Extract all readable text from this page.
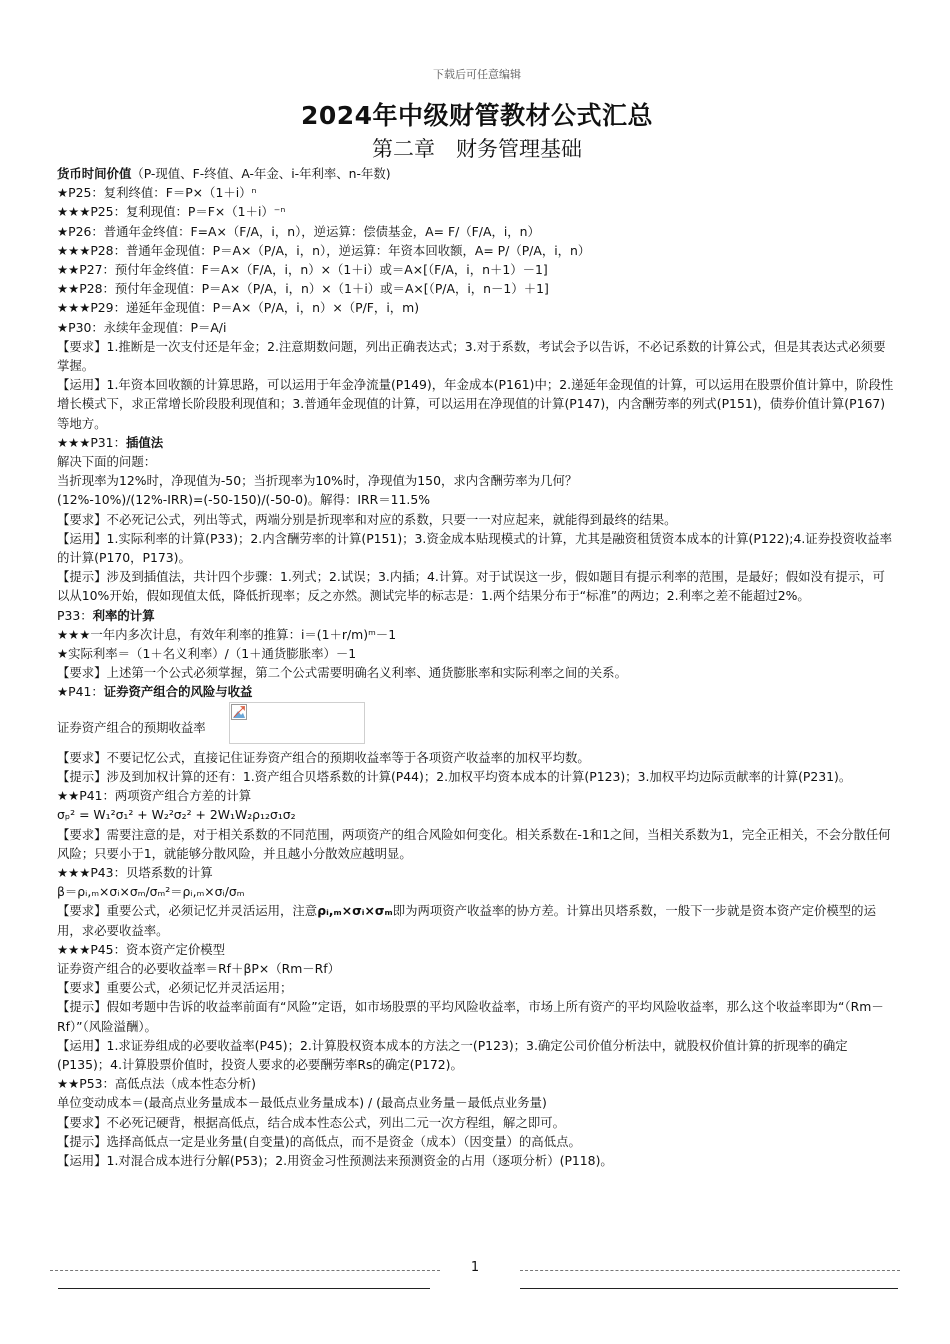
下载后可任意编辑
2024年中级财管教材公式汇总
第二章　财务管理基础
货币时间价值（P-现值、F-终值、A-年金、i-年利率、n-年数)
★P25：复利终值：F＝P×（1＋i）ⁿ
★★★P25：复利现值：P＝F×（1＋i）⁻ⁿ
★P26：普通年金终值：F=A×（F/A，i，n），逆运算：偿债基金，A= F/（F/A，i，n）
★★★P28：普通年金现值：P＝A×（P/A，i，n），逆运算：年资本回收额，A= P/（P/A，i，n）
★★P27：预付年金终值：F＝A×（F/A，i，n）×（1＋i）或＝A×[（F/A，i，n＋1）－1]
★★P28：预付年金现值：P＝A×（P/A，i，n）×（1＋i）或＝A×[（P/A，i，n－1）＋1]
★★★P29：递延年金现值：P＝A×（P/A，i，n）×（P/F，i，m)
★P30：永续年金现值：P＝A/i
【要求】1.推断是一次支付还是年金；2.注意期数问题，列出正确表达式；3.对于系数，考试会予以告诉，不必记系数的计算公式，但是其表达式必须要掌握。
【运用】1.年资本回收额的计算思路，可以运用于年金净流量(P149)，年金成本(P161)中；2.递延年金现值的计算，可以运用在股票价值计算中，阶段性增长模式下，求正常增长阶段股利现值和；3.普通年金现值的计算，可以运用在净现值的计算(P147)，内含酬劳率的列式(P151)，债券价值计算(P167)等地方。
★★★P31：插值法
解决下面的问题：
当折现率为12%时，净现值为-50；当折现率为10%时，净现值为150，求内含酬劳率为几何？
(12%-10%)/(12%-IRR)=(-50-150)/(-50-0)。解得：IRR＝11.5%
【要求】不必死记公式，列出等式，两端分别是折现率和对应的系数，只要一一对应起来，就能得到最终的结果。
【运用】1.实际利率的计算(P33)；2.内含酬劳率的计算(P151)；3.资金成本贴现模式的计算，尤其是融资租赁资本成本的计算(P122);4.证券投资收益率的计算(P170，P173)。
【提示】涉及到插值法，共计四个步骤：1.列式；2.试误；3.内插；4.计算。对于试误这一步，假如题目有提示利率的范围，是最好；假如没有提示，可以从10%开始，假如现值太低，降低折现率；反之亦然。测试完毕的标志是：1.两个结果分布于“标准”的两边；2.利率之差不能超过2%。
P33：利率的计算
★★★一年内多次计息，有效年利率的推算：i＝(1＋r/m)ᵐ－1
★实际利率＝（1＋名义利率）/（1＋通货膨胀率）－1
【要求】上述第一个公式必须掌握，第二个公式需要明确名义利率、通货膨胀率和实际利率之间的关系。
★P41：证券资产组合的风险与收益
证券资产组合的预期收益率
【要求】不要记忆公式，直接记住证券资产组合的预期收益率等于各项资产收益率的加权平均数。
【提示】涉及到加权计算的还有：1.资产组合贝塔系数的计算(P44)；2.加权平均资本成本的计算(P123)；3.加权平均边际贡献率的计算(P231)。
★★P41：两项资产组合方差的计算
σₚ² = W₁²σ₁² + W₂²σ₂² + 2W₁W₂ρ₁₂σ₁σ₂
【要求】需要注意的是，对于相关系数的不同范围，两项资产的组合风险如何变化。相关系数在-1和1之间，当相关系数为1，完全正相关，不会分散任何风险；只要小于1，就能够分散风险，并且越小分散效应越明显。
★★★P43：贝塔系数的计算
β＝ρᵢ,ₘ×σᵢ×σₘ/σₘ²＝ρᵢ,ₘ×σᵢ/σₘ
【要求】重要公式，必须记忆并灵活运用，注意ρᵢ,ₘ×σᵢ×σₘ即为两项资产收益率的协方差。计算出贝塔系数，一般下一步就是资本资产定价模型的运用，求必要收益率。
★★★P45：资本资产定价模型
证券资产组合的必要收益率＝Rf＋βP×（Rm－Rf）
【要求】重要公式，必须记忆并灵活运用；
【提示】假如考题中告诉的收益率前面有“风险”定语，如市场股票的平均风险收益率，市场上所有资产的平均风险收益率，那么这个收益率即为“（Rm－Rf）”（风险溢酬）。
【运用】1.求证券组成的必要收益率(P45)；2.计算股权资本成本的方法之一(P123)；3.确定公司价值分析法中，就股权价值计算的折现率的确定(P135)；4.计算股票价值时，投资人要求的必要酬劳率Rs的确定(P172)。
★★P53：高低点法（成本性态分析)
单位变动成本＝(最高点业务量成本－最低点业务量成本) / (最高点业务量－最低点业务量)
【要求】不必死记硬背，根据高低点，结合成本性态公式，列出二元一次方程组，解之即可。
【提示】选择高低点一定是业务量(自变量)的高低点，而不是资金（成本）（因变量）的高低点。
【运用】1.对混合成本进行分解(P53)；2.用资金习性预测法来预测资金的占用（逐项分析）(P118)。
1
